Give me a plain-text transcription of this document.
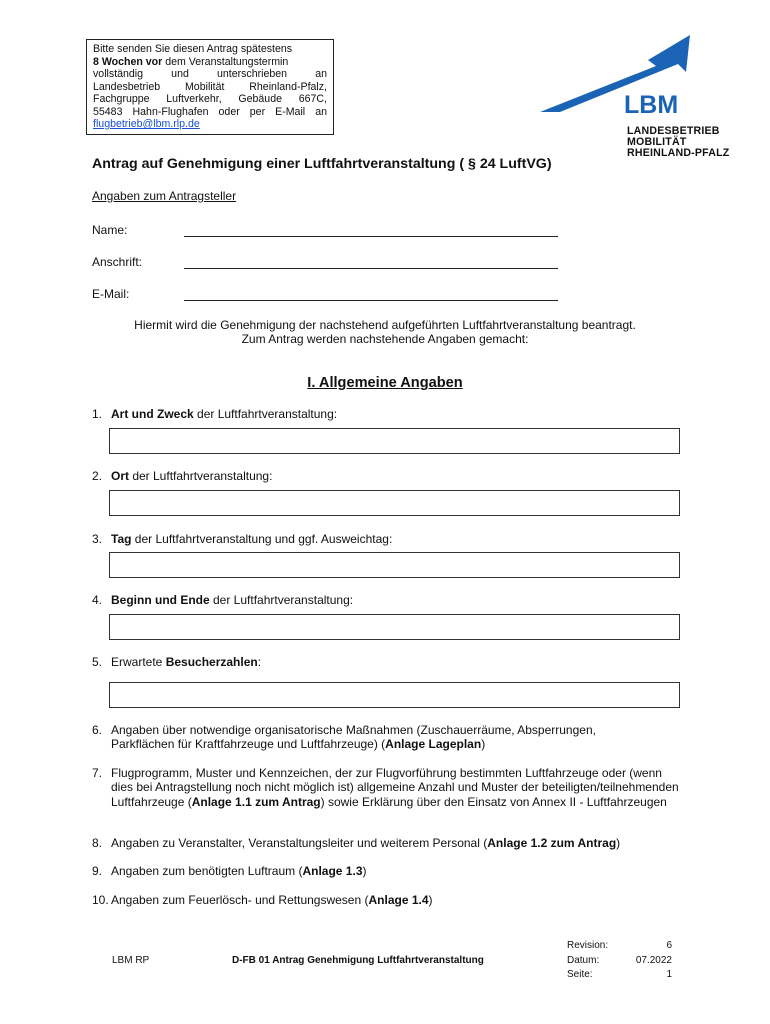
Bitte senden Sie diesen Antrag spätestens
8 Wochen vor dem Veranstaltungstermin
vollständig und unterschrieben an
Landesbetrieb Mobilität Rheinland-Pfalz,
Fachgruppe Luftverkehr, Gebäude 667C,
55483 Hahn-Flughafen oder per E-Mail an
flugbetrieb@lbm.rlp.de
LBM
LANDESBETRIEB
MOBILITÄT
RHEINLAND-PFALZ
Antrag auf Genehmigung einer Luftfahrtveranstaltung ( § 24 LuftVG)
Angaben zum Antragsteller
Name:
Anschrift:
E-Mail:
Hiermit wird die Genehmigung der nachstehend aufgeführten Luftfahrtveranstaltung beantragt.
Zum Antrag werden nachstehende Angaben gemacht:
I. Allgemeine Angaben
1. Art und Zweck der Luftfahrtveranstaltung:
2. Ort der Luftfahrtveranstaltung:
3. Tag der Luftfahrtveranstaltung und ggf. Ausweichtag:
4. Beginn und Ende der Luftfahrtveranstaltung:
5. Erwartete Besucherzahlen:
6. Angaben über notwendige organisatorische Maßnahmen (Zuschauerräume, Absperrungen, Parkflächen für Kraftfahrzeuge und Luftfahrzeuge) (Anlage Lageplan)
7. Flugprogramm, Muster und Kennzeichen, der zur Flugvorführung bestimmten Luftfahrzeuge oder (wenn dies bei Antragstellung noch nicht möglich ist) allgemeine Anzahl und Muster der beteiligten/teilnehmenden Luftfahrzeuge (Anlage 1.1 zum Antrag) sowie Erklärung über den Einsatz von Annex II - Luftfahrzeugen
8. Angaben zu Veranstalter, Veranstaltungsleiter und weiterem Personal (Anlage 1.2 zum Antrag)
9. Angaben zum benötigten Luftraum (Anlage 1.3)
10. Angaben zum Feuerlösch- und Rettungswesen (Anlage 1.4)
LBM RP	D-FB 01 Antrag Genehmigung Luftfahrtveranstaltung
Revision:	6
Datum:	07.2022
Seite:	1
